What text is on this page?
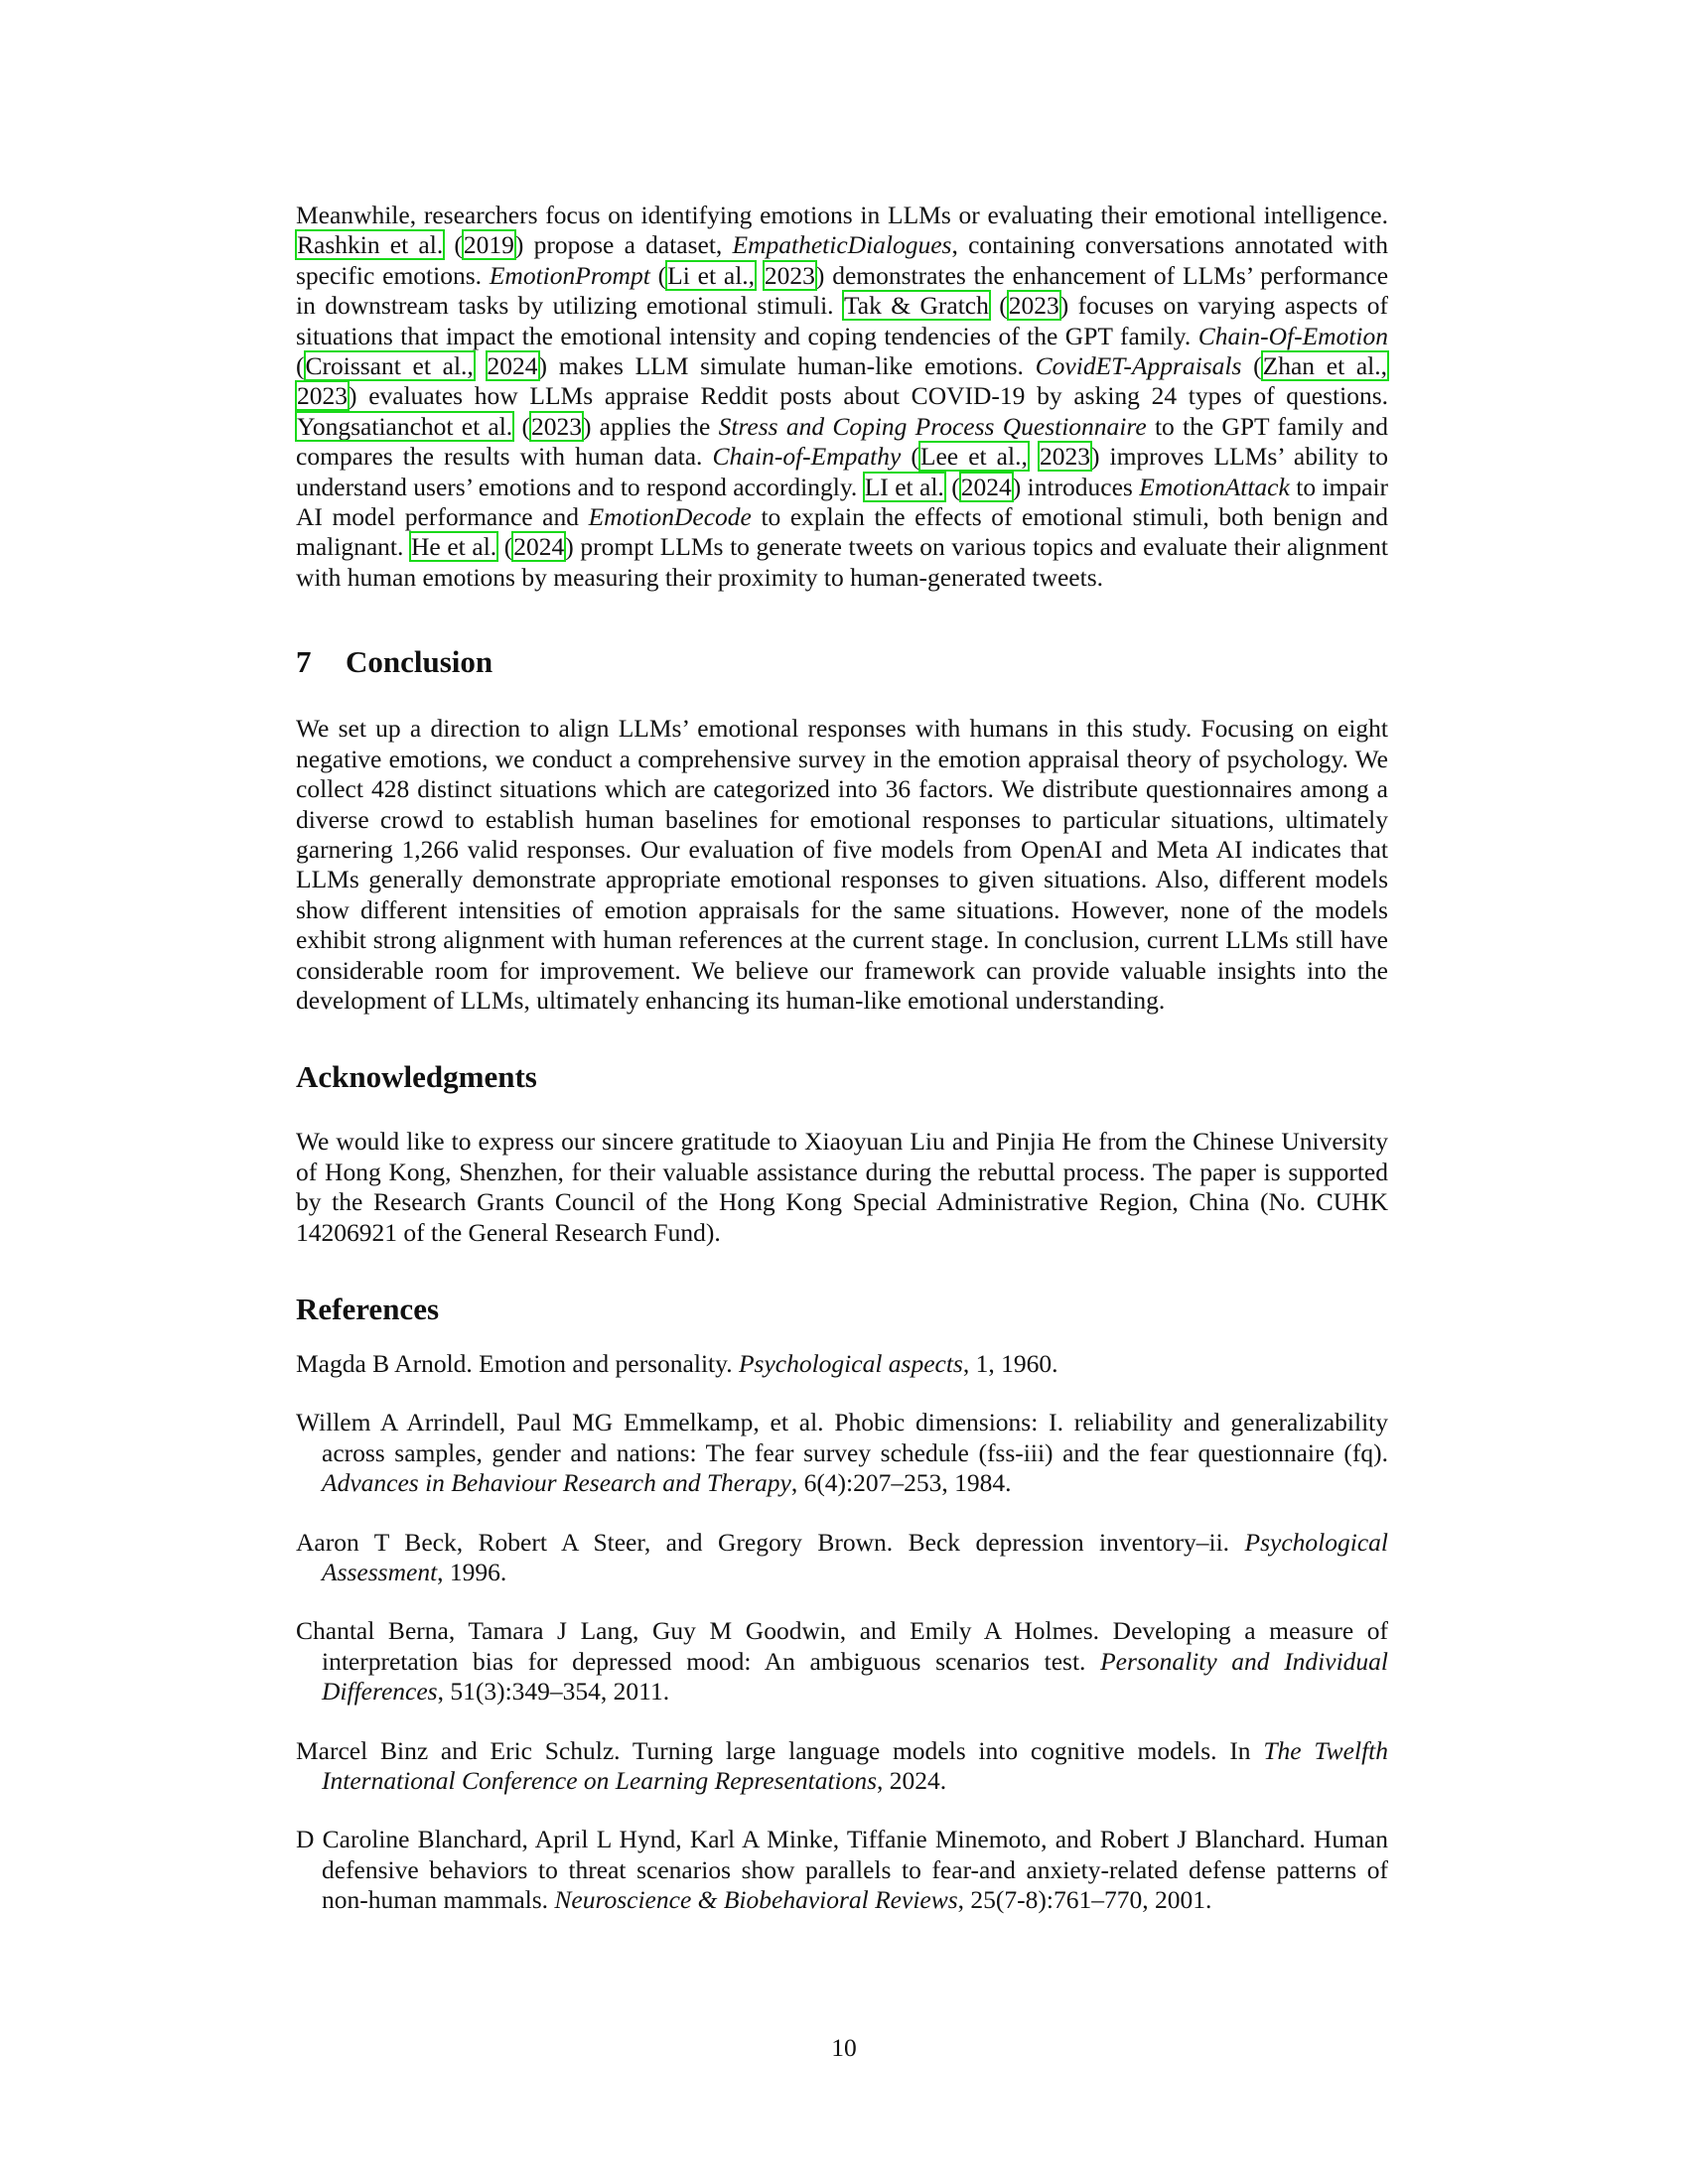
Meanwhile, researchers focus on identifying emotions in LLMs or evaluating their emotional intelligence. Rashkin et al. (2019) propose a dataset, EmpatheticDialogues, containing conversations annotated with specific emotions. EmotionPrompt (Li et al., 2023) demonstrates the enhancement of LLMs’ performance in downstream tasks by utilizing emotional stimuli. Tak & Gratch (2023) focuses on varying aspects of situations that impact the emotional intensity and coping tendencies of the GPT family. Chain-Of-Emotion (Croissant et al., 2024) makes LLM simulate human-like emotions. CovidET-Appraisals (Zhan et al., 2023) evaluates how LLMs appraise Reddit posts about COVID-19 by asking 24 types of questions. Yongsatianchot et al. (2023) applies the Stress and Coping Process Questionnaire to the GPT family and compares the results with human data. Chain-of-Empathy (Lee et al., 2023) improves LLMs’ ability to understand users’ emotions and to respond accordingly. LI et al. (2024) introduces EmotionAttack to impair AI model performance and EmotionDecode to explain the effects of emotional stimuli, both benign and malignant. He et al. (2024) prompt LLMs to generate tweets on various topics and evaluate their alignment with human emotions by measuring their proximity to human-generated tweets.

7 Conclusion

We set up a direction to align LLMs’ emotional responses with humans in this study. Focusing on eight negative emotions, we conduct a comprehensive survey in the emotion appraisal theory of psychology. We collect 428 distinct situations which are categorized into 36 factors. We distribute questionnaires among a diverse crowd to establish human baselines for emotional responses to particular situations, ultimately garnering 1,266 valid responses. Our evaluation of five models from OpenAI and Meta AI indicates that LLMs generally demonstrate appropriate emotional responses to given situations. Also, different models show different intensities of emotion appraisals for the same situations. However, none of the models exhibit strong alignment with human references at the current stage. In conclusion, current LLMs still have considerable room for improvement. We believe our framework can provide valuable insights into the development of LLMs, ultimately enhancing its human-like emotional understanding.

Acknowledgments

We would like to express our sincere gratitude to Xiaoyuan Liu and Pinjia He from the Chinese University of Hong Kong, Shenzhen, for their valuable assistance during the rebuttal process. The paper is supported by the Research Grants Council of the Hong Kong Special Administrative Region, China (No. CUHK 14206921 of the General Research Fund).

References
Magda B Arnold. Emotion and personality. Psychological aspects, 1, 1960.
Willem A Arrindell, Paul MG Emmelkamp, et al. Phobic dimensions: I. reliability and generalizability across samples, gender and nations: The fear survey schedule (fss-iii) and the fear questionnaire (fq). Advances in Behaviour Research and Therapy, 6(4):207–253, 1984.
Aaron T Beck, Robert A Steer, and Gregory Brown. Beck depression inventory–ii. Psychological Assessment, 1996.
Chantal Berna, Tamara J Lang, Guy M Goodwin, and Emily A Holmes. Developing a measure of interpretation bias for depressed mood: An ambiguous scenarios test. Personality and Individual Differences, 51(3):349–354, 2011.
Marcel Binz and Eric Schulz. Turning large language models into cognitive models. In The Twelfth International Conference on Learning Representations, 2024.
D Caroline Blanchard, April L Hynd, Karl A Minke, Tiffanie Minemoto, and Robert J Blanchard. Human defensive behaviors to threat scenarios show parallels to fear-and anxiety-related defense patterns of non-human mammals. Neuroscience & Biobehavioral Reviews, 25(7-8):761–770, 2001.
10
